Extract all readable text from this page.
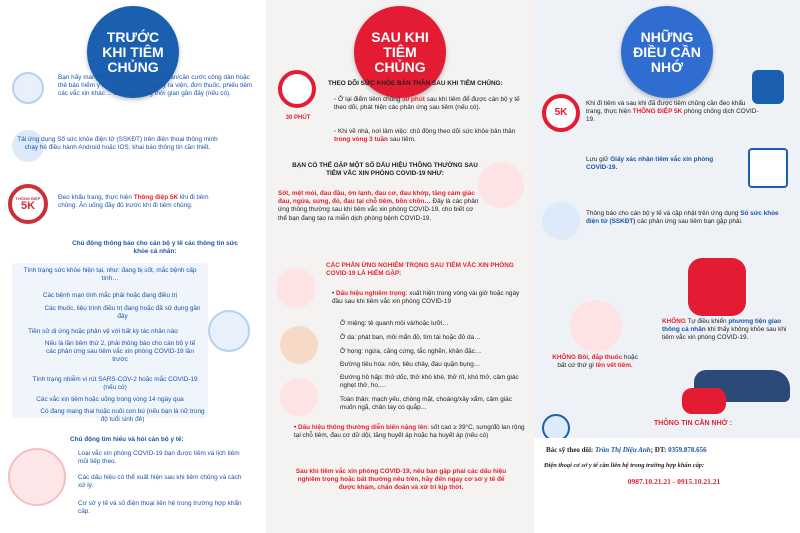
TRƯỚC KHI TIÊM CHỦNG
Bạn hãy mang theo chứng minh nhân dân/căn cước công dân hoặc thẻ bảo hiểm y tế; sổ khám bệnh, giấy ra viện, đơn thuốc, phiếu tiêm các vắc xin khác… sử dụng trong thời gian gần đây (nếu có).
Tải ứng dụng Sổ sức khỏe điện tử (SSKĐT) trên điện thoại thông minh chạy hệ điều hành Android hoặc IOS; khai báo thông tin cần thiết.
THÔNG ĐIỆP
5K
Đeo khẩu trang, thực hiện Thông điệp 5K khi đi tiêm chủng. Ăn uống đầy đủ trước khi đi tiêm chủng.
Chủ động thông báo cho cán bộ y tế các thông tin sức khỏe cá nhân:
Tình trạng sức khỏe hiện tại, như: đang bị sốt, mắc bệnh cấp tính…
Các bệnh mạn tính mắc phải hoặc đang điều trị
Các thuốc, liệu trình điều trị đang hoặc đã sử dụng gần đây
Tiền sử dị ứng hoặc phản vệ với bất kỳ tác nhân nào
Nếu là lần tiêm thứ 2, phải thông báo cho cán bộ y tế các phản ứng sau tiêm vắc xin phòng COVID-19 lần trước
Tình trạng nhiễm vi rút SARS-COV-2 hoặc mắc COVID-19 (nếu có)
Các vắc xin tiêm hoặc uống trong vòng 14 ngày qua
Có đang mang thai hoặc nuôi con bú (nếu bạn là nữ trong độ tuổi sinh đẻ)
Chủ động tìm hiểu và hỏi cán bộ y tế:
Loại vắc xin phòng COVID-19 bạn được tiêm và lịch tiêm mũi tiếp theo.
Các dấu hiệu có thể xuất hiện sau khi tiêm chủng và cách xử lý.
Cơ sở y tế và số điện thoại liên hệ trong trường hợp khẩn cấp.
SAU KHI TIÊM CHỦNG
30 PHÚT
THEO DÕI SỨC KHỎE BẢN THÂN SAU KHI TIÊM CHỦNG:
◦ Ở lại điểm tiêm chủng 30 phút sau khi tiêm để được cán bộ y tế theo dõi, phát hiện các phản ứng sau tiêm (nếu có).
◦ Khi về nhà, nơi làm việc: chủ động theo dõi sức khỏe bản thân trong vòng 3 tuần sau tiêm.
BẠN CÓ THỂ GẶP MỘT SỐ DẤU HIỆU THÔNG THƯỜNG SAU TIÊM VẮC XIN PHÒNG COVID-19 NHƯ:
Sốt, mệt mỏi, đau đầu, ớn lạnh, đau cơ, đau khớp, tăng cảm giác đau, ngứa, sưng, đỏ, đau tại chỗ tiêm, bồn chồn… Đây là các phản ứng thông thường sau khi tiêm vắc xin phòng COVID-19, cho biết cơ thể bạn đang tạo ra miễn dịch phòng bệnh COVID-19.
CÁC PHẢN ỨNG NGHIÊM TRỌNG SAU TIÊM VẮC XIN PHÒNG COVID-19 LÀ HIẾM GẶP:
• Dấu hiệu nghiêm trọng: xuất hiện trong vòng vài giờ hoặc ngày đầu sau khi tiêm vắc xin phòng COVID-19
Ở miệng: tê quanh môi và/hoặc lưỡi…
Ở da: phát ban, môi mẩn đỏ, tím tái hoặc đỏ da…
Ở họng: ngứa, căng cứng, tắc nghẽn, khản đặc…
Đường tiêu hóa: nôn, tiêu chảy, đau quặn bụng…
Đường hô hấp: thở dốc, thở khò khè, thở rít, khó thở, cảm giác nghẹt thở, ho,…
Toàn thân: mạch yếu, chóng mặt, choáng/xây xẩm, cảm giác muốn ngã, chân tay co quắp…
• Dấu hiệu thông thường diễn biến nặng lên: sốt cao ≥ 39°C, sưng/đỏ lan rộng tại chỗ tiêm, đau cơ dữ dội, tăng huyết áp hoặc hạ huyết áp (nếu có)
Sau khi tiêm vắc xin phòng COVID-19, nếu bạn gặp phải các dấu hiệu nghiêm trọng hoặc bất thường nêu trên, hãy đến ngay cơ sở y tế để được khám, chẩn đoán và xử trí kịp thời.
NHỮNG ĐIỀU CẦN NHỚ
5K
Khi đi tiêm và sau khi đã được tiêm chủng cần đeo khẩu trang, thực hiện THÔNG ĐIỆP 5K phòng chống dịch COVID-19.
Lưu giữ Giấy xác nhận tiêm vắc xin phòng COVID-19.
Thông báo cho cán bộ y tế và cập nhật trên ứng dụng Sổ sức khỏe điện tử (SSKĐT) các phản ứng sau tiêm bạn gặp phải.
KHÔNG Tự điều khiển phương tiện giao thông cá nhân khi thấy không khỏe sau khi tiêm vắc xin phòng COVID-19.
KHÔNG Bôi, đắp thuốc hoặc bất cứ thứ gì lên vết tiêm.
THÔNG TIN CẦN NHỚ :
Bác sỹ theo dõi: Trần Thị Diệu Anh; ĐT: 0359.878.656
Điện thoại cơ sở y tế cần liên hệ trong trường hợp khẩn cấp:
0987.10.21.21 - 0915.10.21.21
